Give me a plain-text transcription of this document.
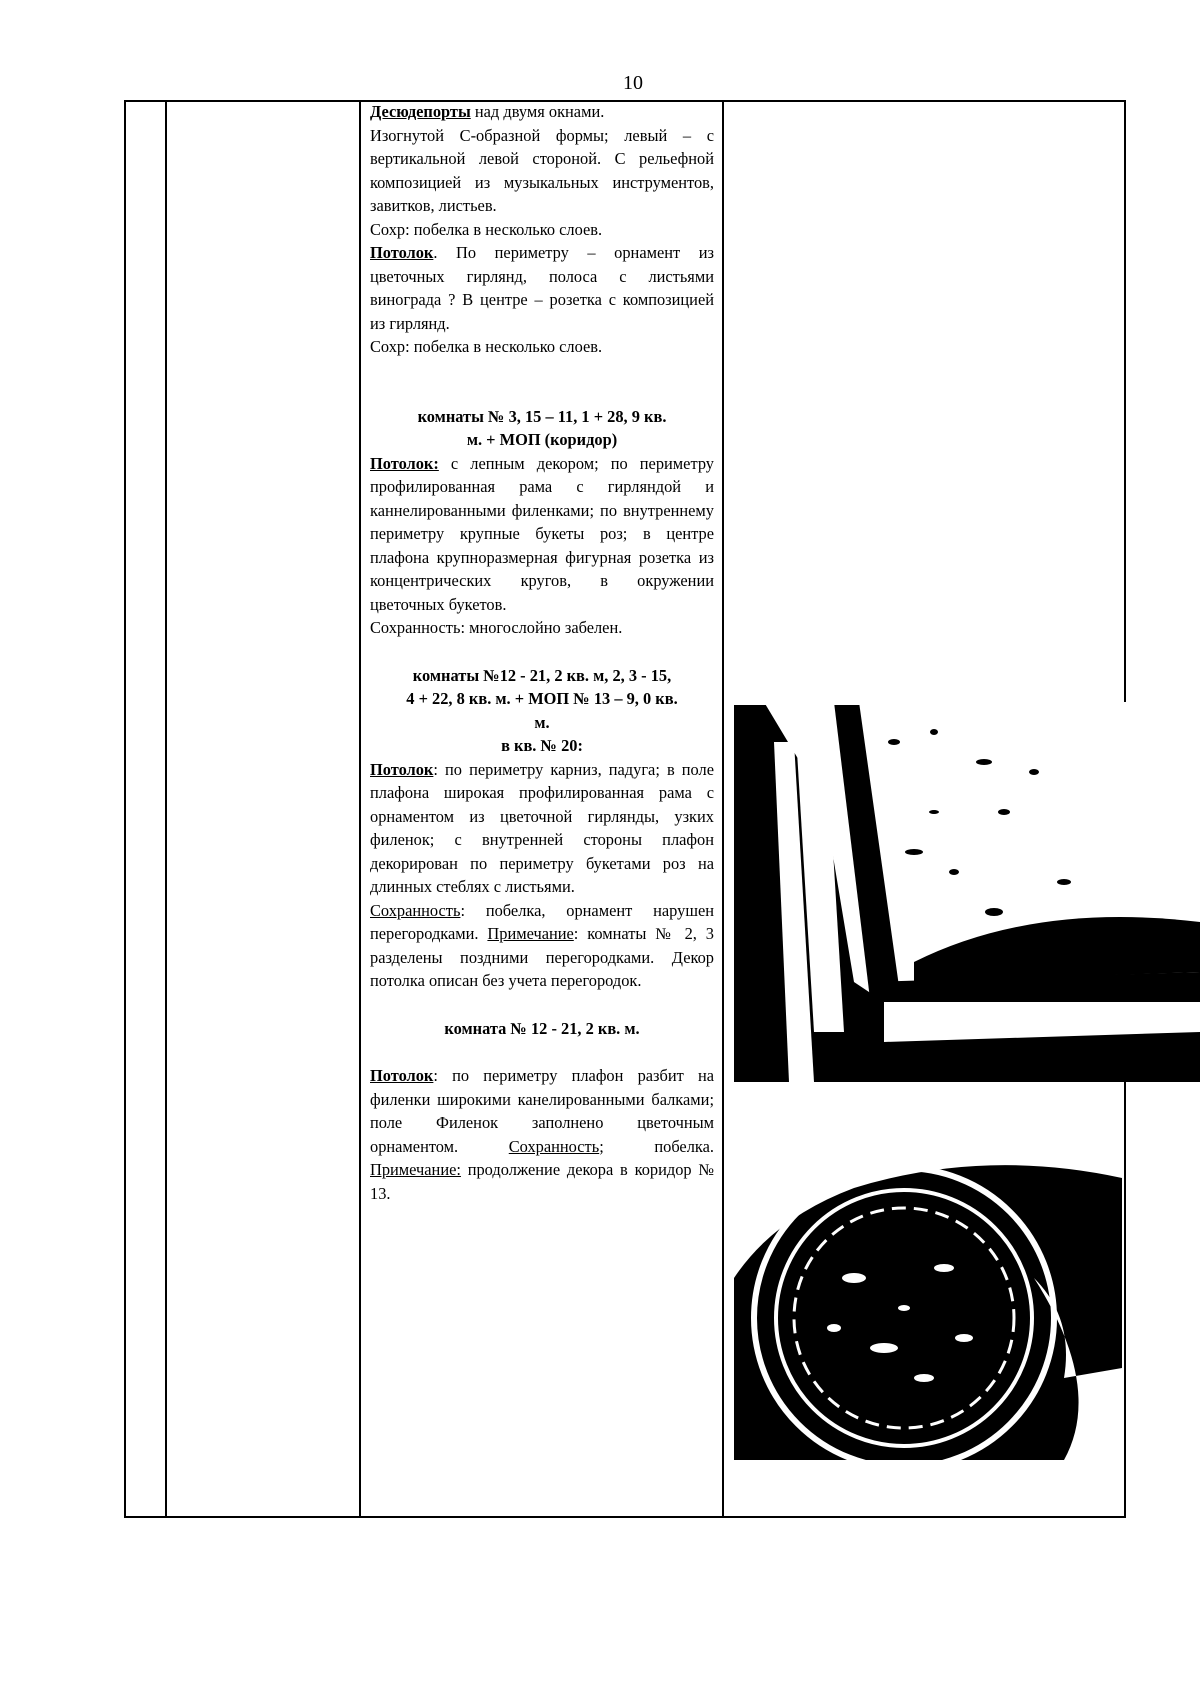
10

Десюдепорты над двумя окнами.

Изогнутой С-образной формы; левый – с вертикальной левой стороной. С рельефной композицией из музыкальных инструментов, завитков, листьев.

Сохр: побелка в несколько слоев.

Потолок. По периметру – орнамент из цветочных гирлянд, полоса с листьями винограда ? В центре – розетка с композицией из гирлянд.

Сохр: побелка в несколько слоев.

комнаты № 3, 15 – 11, 1 + 28, 9 кв.

м. + МОП (коридор)

Потолок: с лепным декором; по периметру профилированная рама с гирляндой и каннелированными филенками; по внутреннему периметру крупные букеты роз; в центре плафона крупноразмерная фигурная розетка из концентрических кругов, в окружении цветочных букетов.

Сохранность: многослойно забелен.

комнаты №12 - 21, 2 кв. м, 2, 3 - 15,

4 + 22, 8 кв. м. + МОП № 13 – 9, 0 кв.

м.

в кв. № 20:

Потолок: по периметру карниз, падуга; в поле плафона широкая профилированная рама с орнаментом из цветочной гирлянды, узких филенок; с внутренней стороны плафон декорирован по периметру букетами роз на длинных стеблях с листьями.

Сохранность: побелка, орнамент нарушен перегородками. Примечание: комнаты № 2, 3 разделены поздними перегородками. Декор потолка описан без учета перегородок.

комната № 12 - 21, 2 кв. м.

Потолок: по периметру плафон разбит на филенки широкими канелированными балками; поле Филенок заполнено цветочным орнаментом. Сохранность; побелка. Примечание: продолжение декора в коридор № 13.
